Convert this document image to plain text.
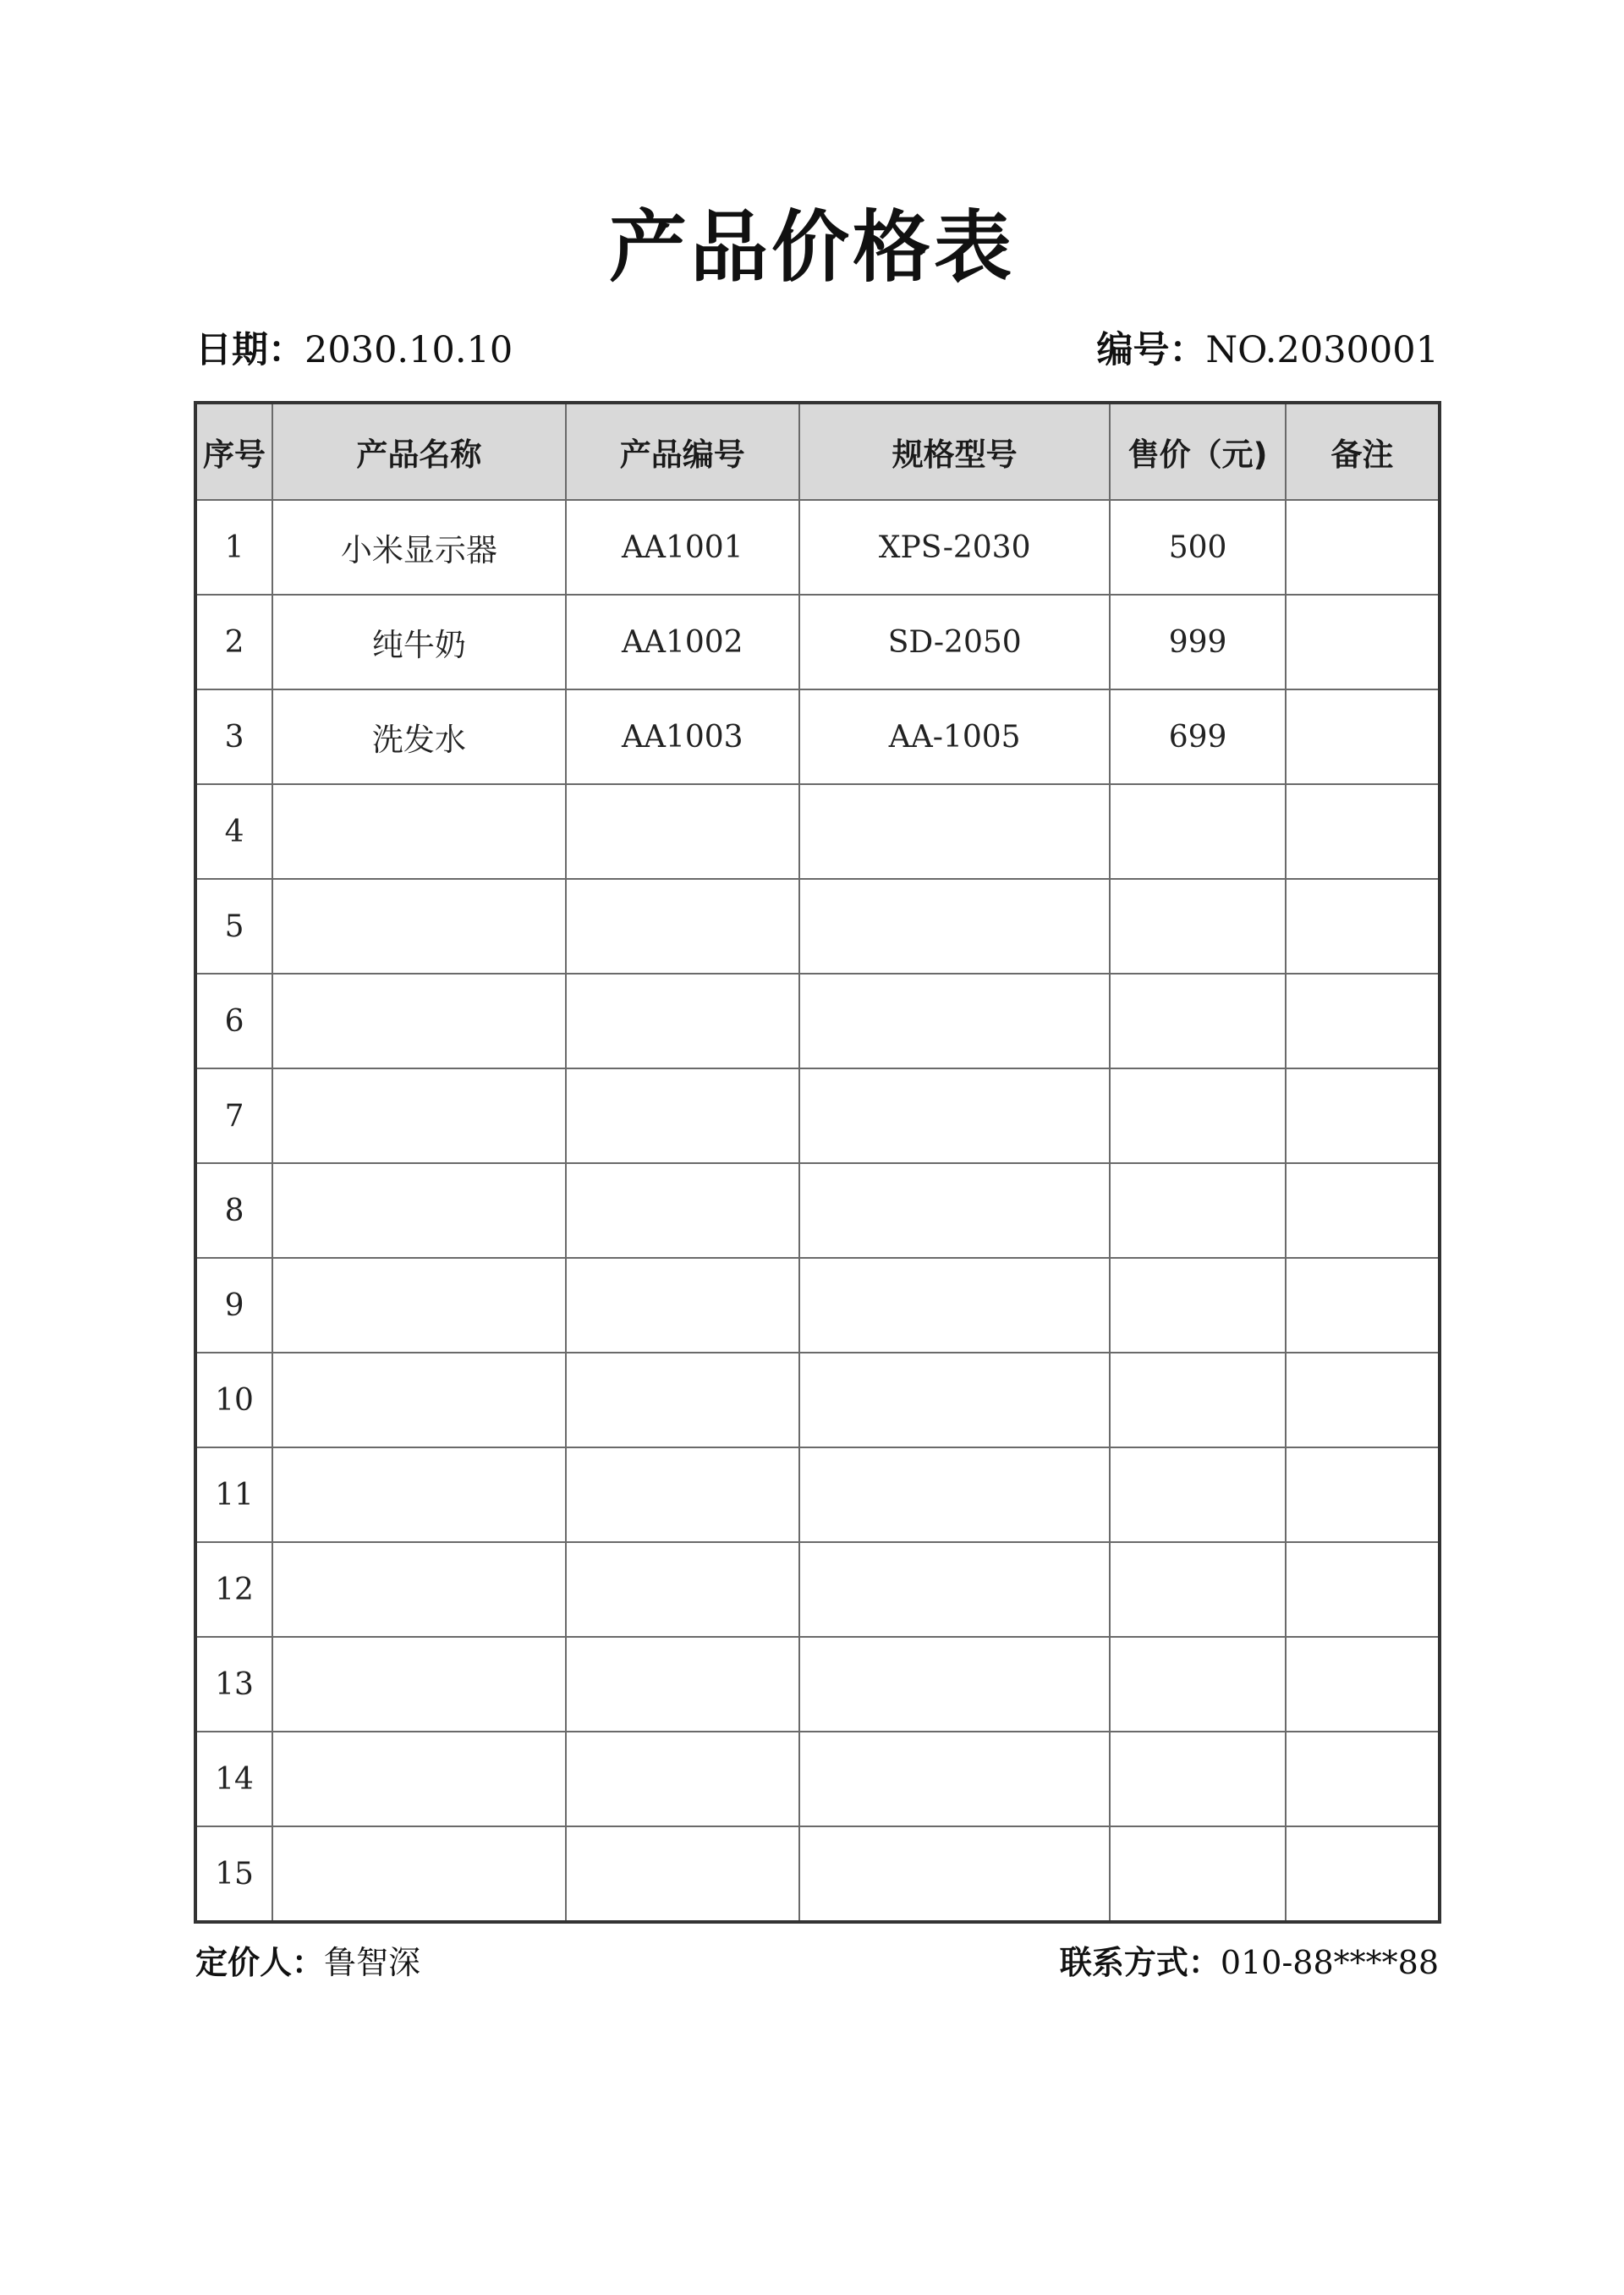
产品价格表
日期：2030.10.10	编号：NO.2030001
序号	产品名称	产品编号	规格型号	售价（元)	备注
1	小米显示器	AA1001	XPS-2030	500	
2	纯牛奶	AA1002	SD-2050	999	
3	洗发水	AA1003	AA-1005	699	
4					
5					
6					
7					
8					
9					
10					
11					
12					
13					
14					
15					
定价人：鲁智深	联系方式：010-88****88
